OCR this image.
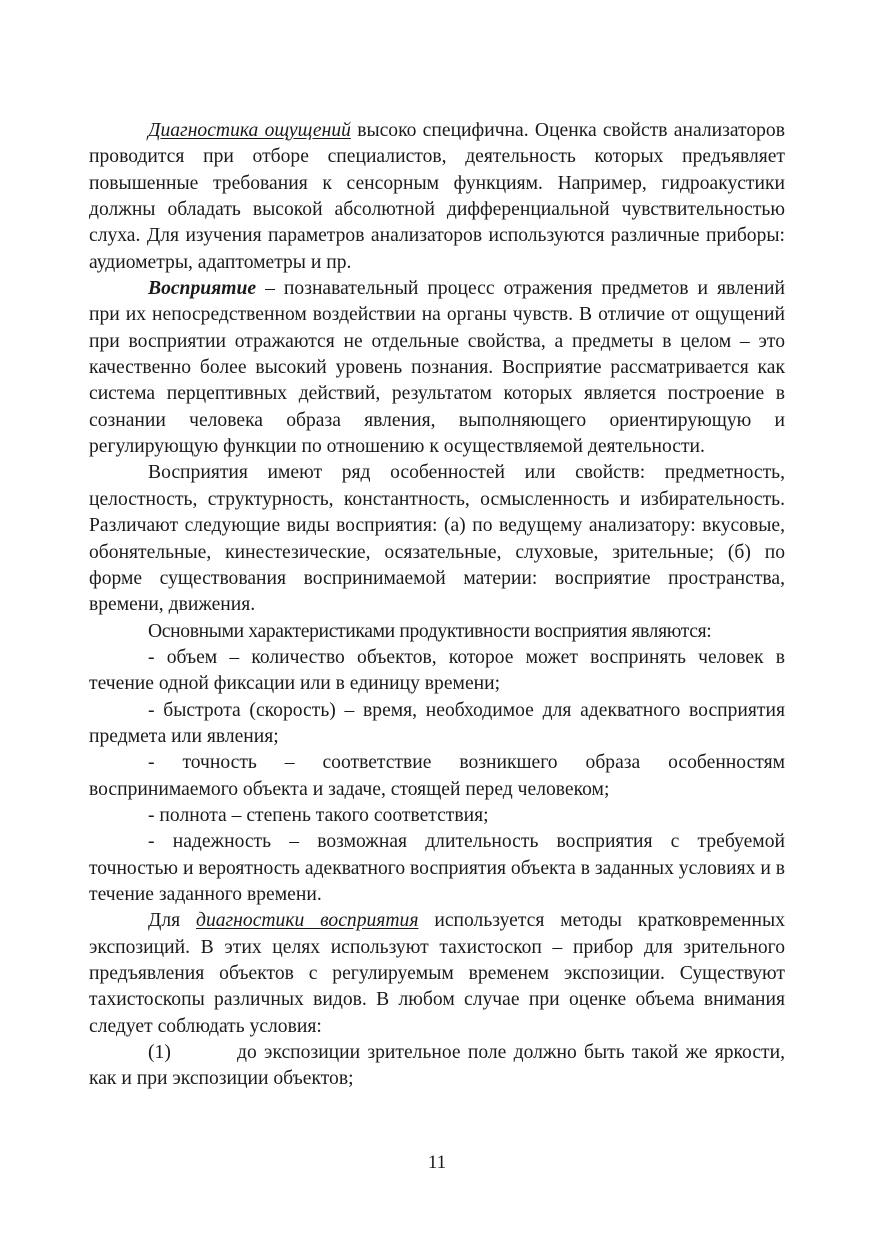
Диагностика ощущений высоко специфична. Оценка свойств анализаторов проводится при отборе специалистов, деятельность которых предъявляет повышенные требования к сенсорным функциям. Например, гидроакустики должны обладать высокой абсолютной дифференциальной чувствительностью слуха. Для изучения параметров анализаторов используются различные приборы: аудиометры, адаптометры и пр.

Восприятие – познавательный процесс отражения предметов и явлений при их непосредственном воздействии на органы чувств. В отличие от ощущений при восприятии отражаются не отдельные свойства, а предметы в целом – это качественно более высокий уровень познания. Восприятие рассматривается как система перцептивных действий, результатом которых является построение в сознании человека образа явления, выполняющего ориентирующую и регулирующую функции по отношению к осуществляемой деятельности.

Восприятия имеют ряд особенностей или свойств: предметность, целостность, структурность, константность, осмысленность и избирательность. Различают следующие виды восприятия: (а) по ведущему анализатору: вкусовые, обонятельные, кинестезические, осязательные, слуховые, зрительные; (б) по форме существования воспринимаемой материи: восприятие пространства, времени, движения.

Основными характеристиками продуктивности восприятия являются:

- объем – количество объектов, которое может воспринять человек в течение одной фиксации или в единицу времени;

- быстрота (скорость) – время, необходимое для адекватного восприятия предмета или явления;

- точность – соответствие возникшего образа особенностям воспринимаемого объекта и задаче, стоящей перед человеком;

- полнота – степень такого соответствия;

- надежность – возможная длительность восприятия с требуемой точностью и вероятность адекватного восприятия объекта в заданных условиях и в течение заданного времени.

Для диагностики восприятия используется методы кратковременных экспозиций. В этих целях используют тахистоскоп – прибор для зрительного предъявления объектов с регулируемым временем экспозиции. Существуют тахистоскопы различных видов. В любом случае при оценке объема внимания следует соблюдать условия:

(1)	до экспозиции зрительное поле должно быть такой же яркости, как и при экспозиции объектов;

11
